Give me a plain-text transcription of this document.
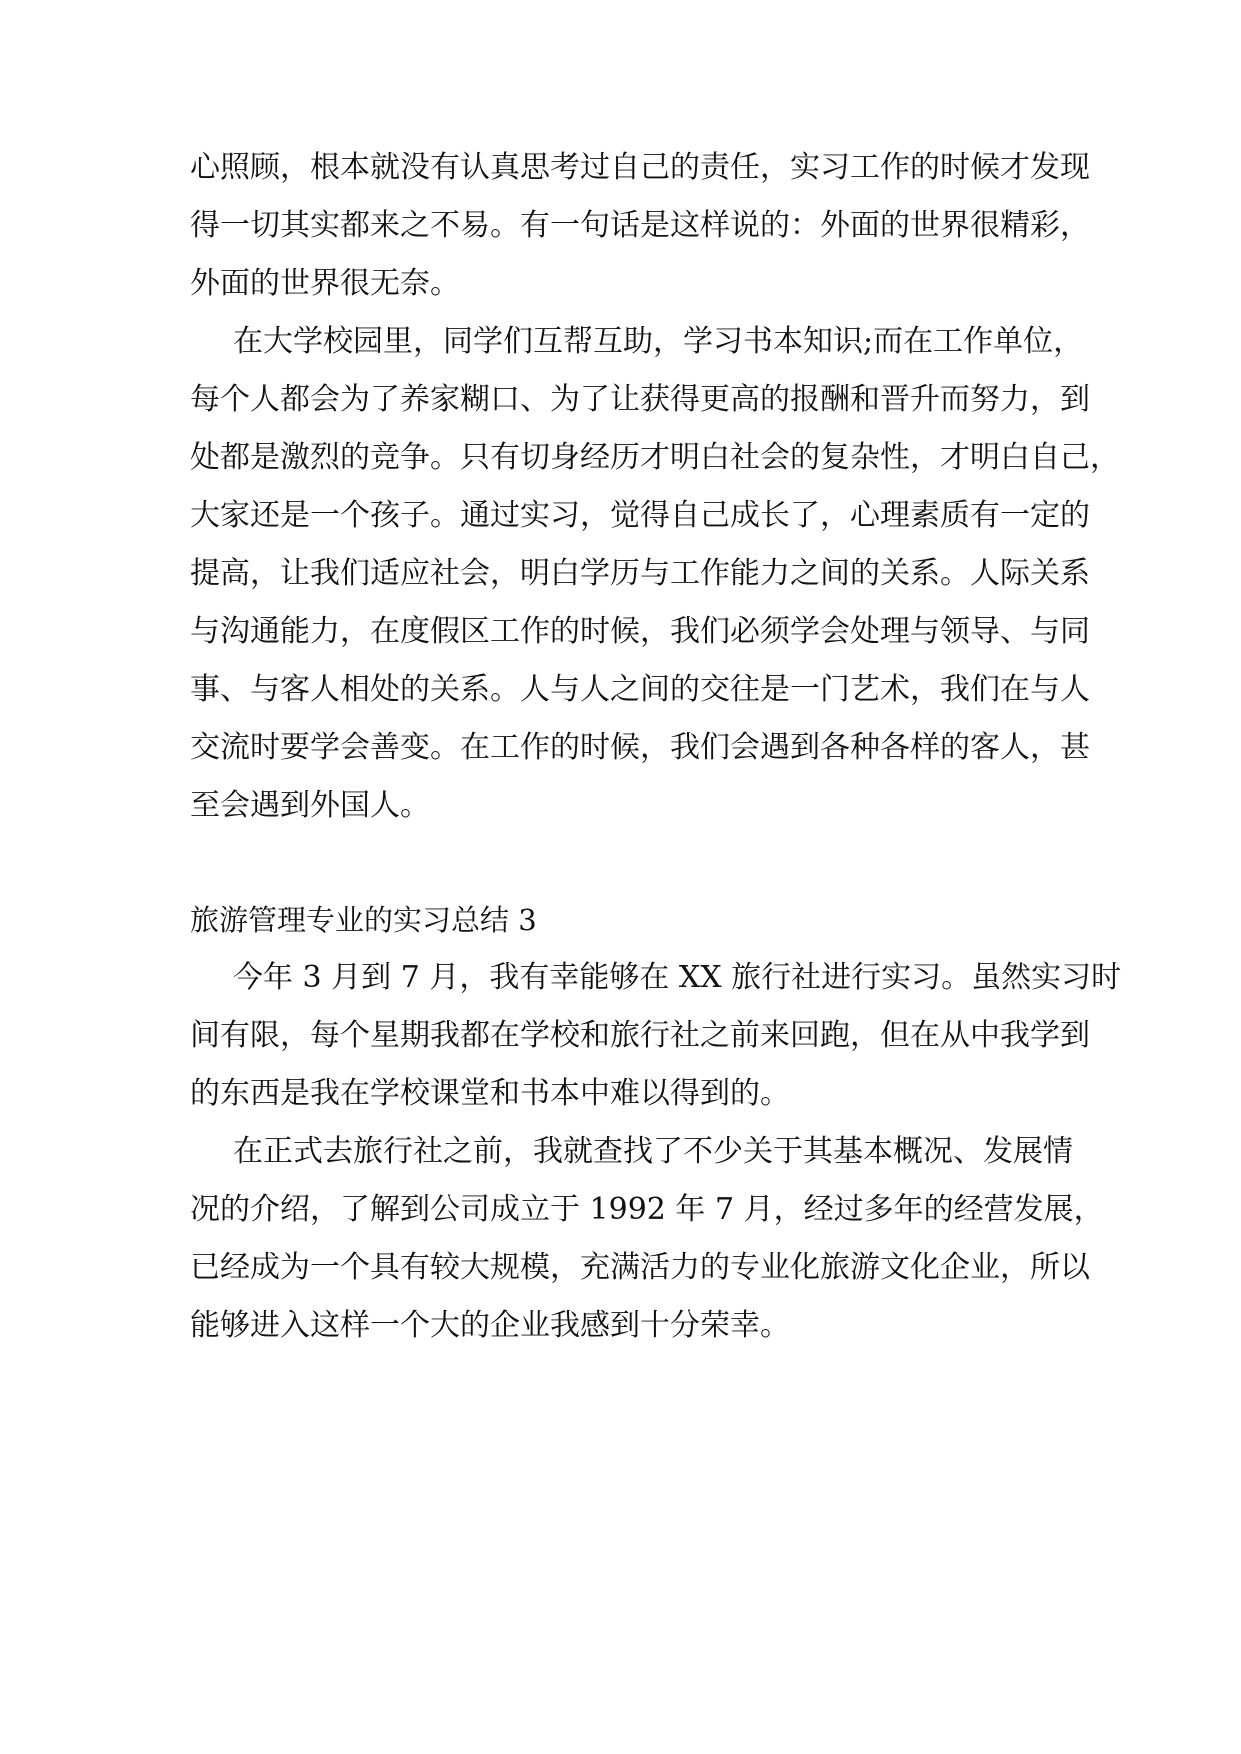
心照顾，根本就没有认真思考过自己的责任，实习工作的时候才发现
得一切其实都来之不易。有一句话是这样说的：外面的世界很精彩，
外面的世界很无奈。
在大学校园里，同学们互帮互助，学习书本知识;而在工作单位，
每个人都会为了养家糊口、为了让获得更高的报酬和晋升而努力，到
处都是激烈的竞争。只有切身经历才明白社会的复杂性，才明白自己，
大家还是一个孩子。通过实习，觉得自己成长了，心理素质有一定的
提高，让我们适应社会，明白学历与工作能力之间的关系。人际关系
与沟通能力，在度假区工作的时候，我们必须学会处理与领导、与同
事、与客人相处的关系。人与人之间的交往是一门艺术，我们在与人
交流时要学会善变。在工作的时候，我们会遇到各种各样的客人，甚
至会遇到外国人。
旅游管理专业的实习总结 3
今年 3 月到 7 月，我有幸能够在 XX 旅行社进行实习。虽然实习时
间有限，每个星期我都在学校和旅行社之前来回跑，但在从中我学到
的东西是我在学校课堂和书本中难以得到的。
在正式去旅行社之前，我就查找了不少关于其基本概况、发展情
况的介绍，了解到公司成立于 1992 年 7 月，经过多年的经营发展，
已经成为一个具有较大规模，充满活力的专业化旅游文化企业，所以
能够进入这样一个大的企业我感到十分荣幸。
